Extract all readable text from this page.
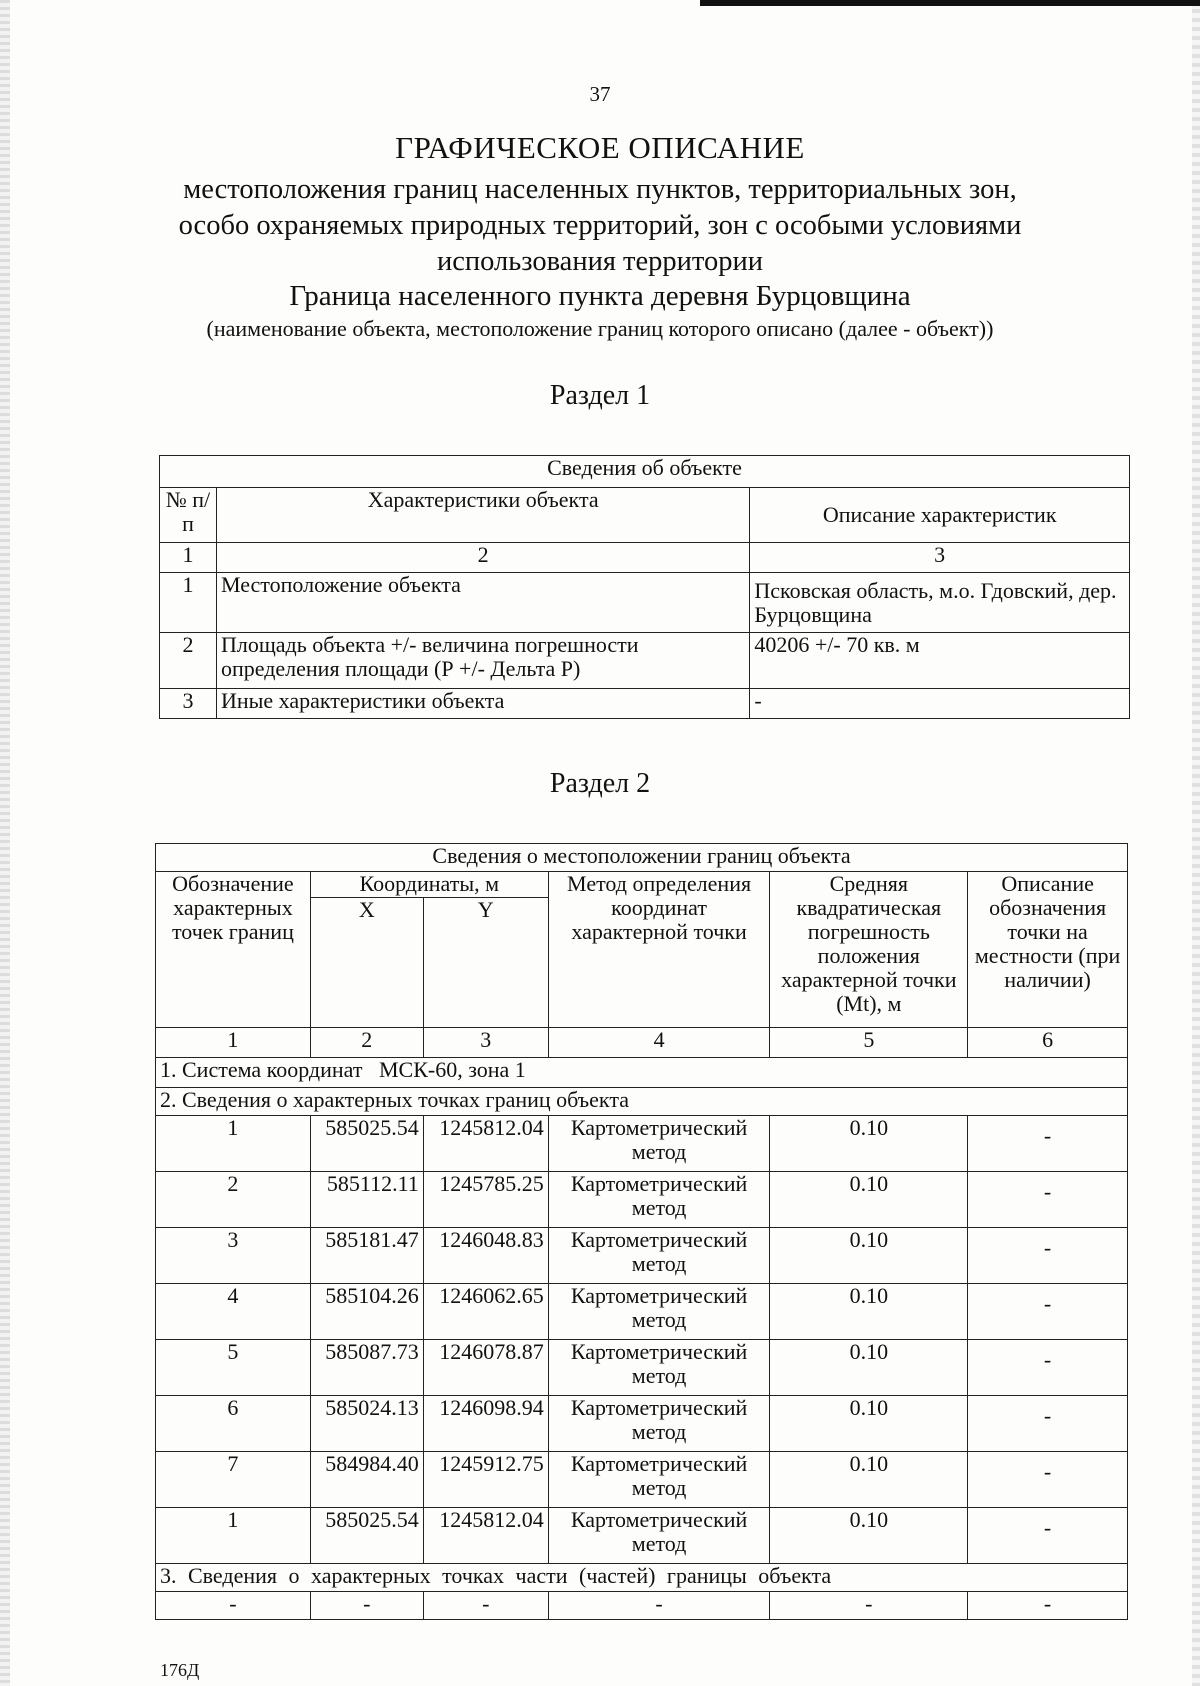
37
ГРАФИЧЕСКОЕ ОПИСАНИЕ
местоположения границ населенных пунктов, территориальных зон,
особо охраняемых природных территорий, зон с особыми условиями
использования территории
Граница населенного пункта деревня Бурцовщина
(наименование объекта, местоположение границ которого описано (далее - объект))
Раздел 1
Сведения об объекте		
№ п/п	Характеристики объекта	Описание характеристик
1	2	3
1	Местоположение объекта	Псковская область, м.о. Гдовский, дер. Бурцовщина
2	Площадь объекта +/- величина погрешности определения площади (Р +/- Дельта Р)	40206 +/- 70 кв. м
3	Иные характеристики объекта	-
Раздел 2
Сведения о местоположении границ объекта					
Обозначение характерных точек границ	Координаты, м		Метод определения координат характерной точки	Средняя квадратическая погрешность положения характерной точки (Mt), м	Описание обозначения точки на местности (при наличии)
	X	Y			
1	2	3	4	5	6
1. Система координат   МСК-60, зона 1					
2. Сведения о характерных точках границ объекта					
1	585025.54	1245812.04	Картометрический метод	0.10	-
2	585112.11	1245785.25	Картометрический метод	0.10	-
3	585181.47	1246048.83	Картометрический метод	0.10	-
4	585104.26	1246062.65	Картометрический метод	0.10	-
5	585087.73	1246078.87	Картометрический метод	0.10	-
6	585024.13	1246098.94	Картометрический метод	0.10	-
7	584984.40	1245912.75	Картометрический метод	0.10	-
1	585025.54	1245812.04	Картометрический метод	0.10	-
3. Сведения о характерных точках части (частей) границы объекта					
-	-	-	-	-	-
176Д
